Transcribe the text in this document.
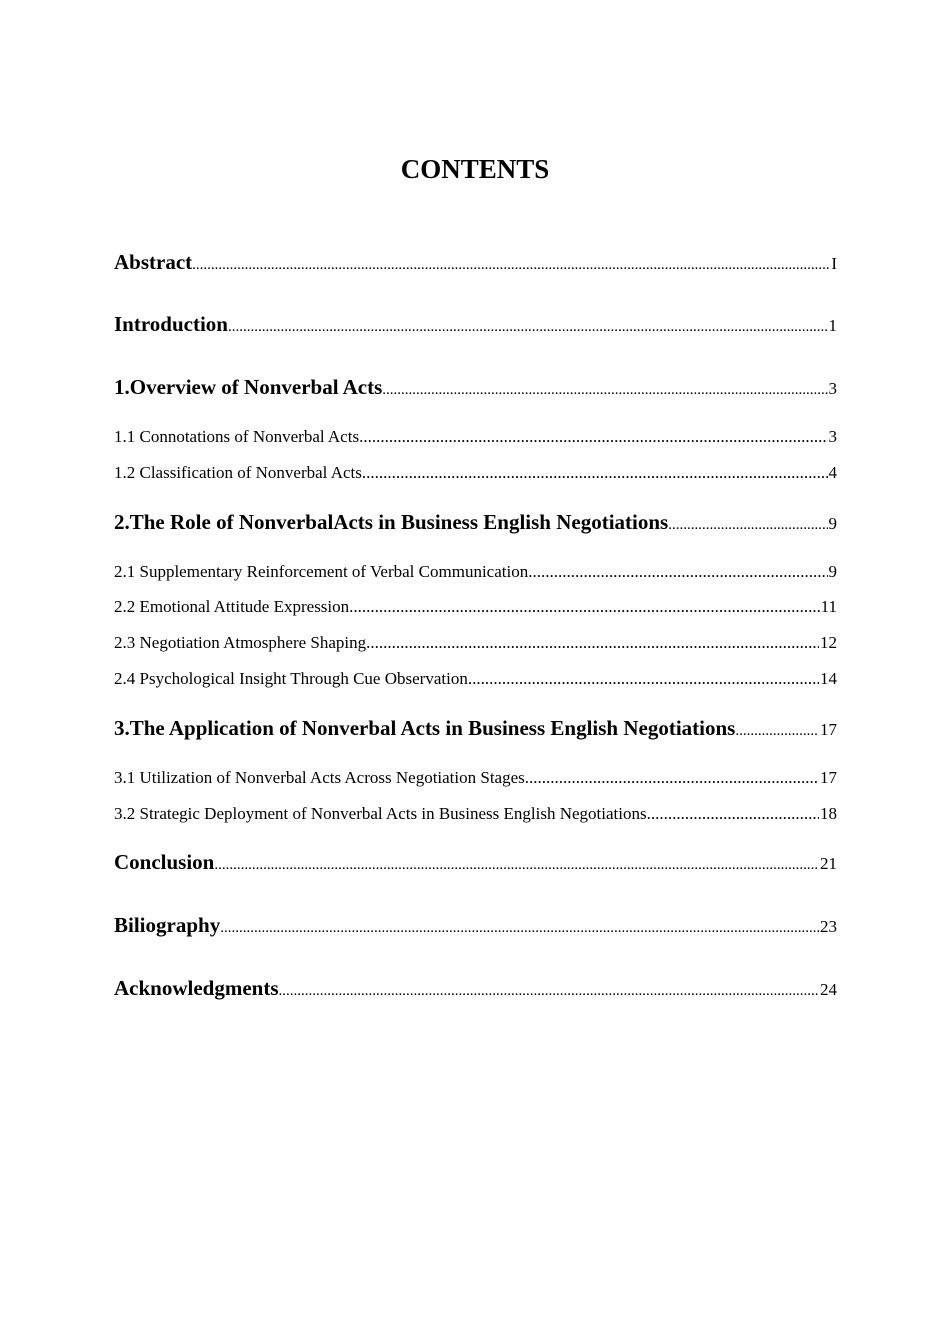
CONTENTS
Abstract .....	I
Introduction .....	1
1.Overview of Nonverbal Acts .....	3
1.1 Connotations of Nonverbal Acts .....	3
1.2 Classification of Nonverbal Acts .....	4
2.The Role of NonverbalActs in Business English Negotiations .....	9
2.1 Supplementary Reinforcement of Verbal Communication .....	9
2.2 Emotional Attitude Expression .....	11
2.3 Negotiation Atmosphere Shaping .....	12
2.4 Psychological Insight Through Cue Observation .....	14
3.The Application of Nonverbal Acts in Business English Negotiations .....	17
3.1 Utilization of Nonverbal Acts Across Negotiation Stages .....	17
3.2 Strategic Deployment of Nonverbal Acts in Business English Negotiations .....	18
Conclusion .....	21
Biliography .....	23
Acknowledgments .....	24
